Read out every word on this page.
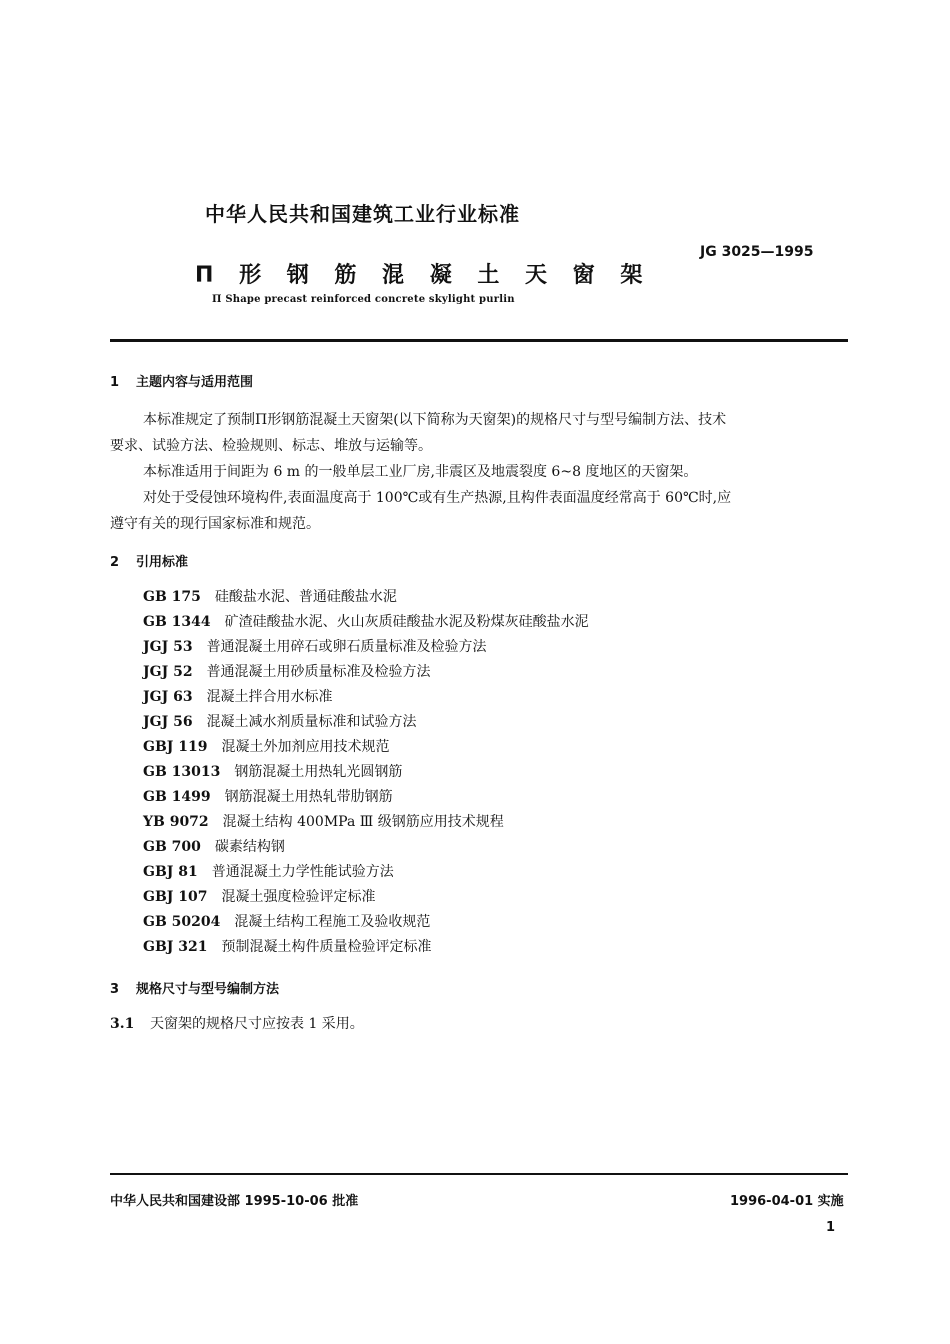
中华人民共和国建筑工业行业标准
JG 3025—1995
Π 形 钢 筋 混 凝 土 天 窗 架
Π Shape precast reinforced concrete skylight purlin
1 主题内容与适用范围
本标准规定了预制Π形钢筋混凝土天窗架(以下简称为天窗架)的规格尺寸与型号编制方法、技术
要求、试验方法、检验规则、标志、堆放与运输等。
本标准适用于间距为 6 m 的一般单层工业厂房,非震区及地震裂度 6~8 度地区的天窗架。
对处于受侵蚀环境构件,表面温度高于 100℃或有生产热源,且构件表面温度经常高于 60℃时,应
遵守有关的现行国家标准和规范。
2 引用标准
GB 175 硅酸盐水泥、普通硅酸盐水泥
GB 1344 矿渣硅酸盐水泥、火山灰质硅酸盐水泥及粉煤灰硅酸盐水泥
JGJ 53 普通混凝土用碎石或卵石质量标准及检验方法
JGJ 52 普通混凝土用砂质量标准及检验方法
JGJ 63 混凝土拌合用水标准
JGJ 56 混凝土减水剂质量标准和试验方法
GBJ 119 混凝土外加剂应用技术规范
GB 13013 钢筋混凝土用热轧光圆钢筋
GB 1499 钢筋混凝土用热轧带肋钢筋
YB 9072 混凝土结构 400MPa Ⅲ 级钢筋应用技术规程
GB 700 碳素结构钢
GBJ 81 普通混凝土力学性能试验方法
GBJ 107 混凝土强度检验评定标准
GB 50204 混凝土结构工程施工及验收规范
GBJ 321 预制混凝土构件质量检验评定标准
3 规格尺寸与型号编制方法
3.1 天窗架的规格尺寸应按表 1 采用。
中华人民共和国建设部 1995-10-06 批准	1996-04-01 实施
1
